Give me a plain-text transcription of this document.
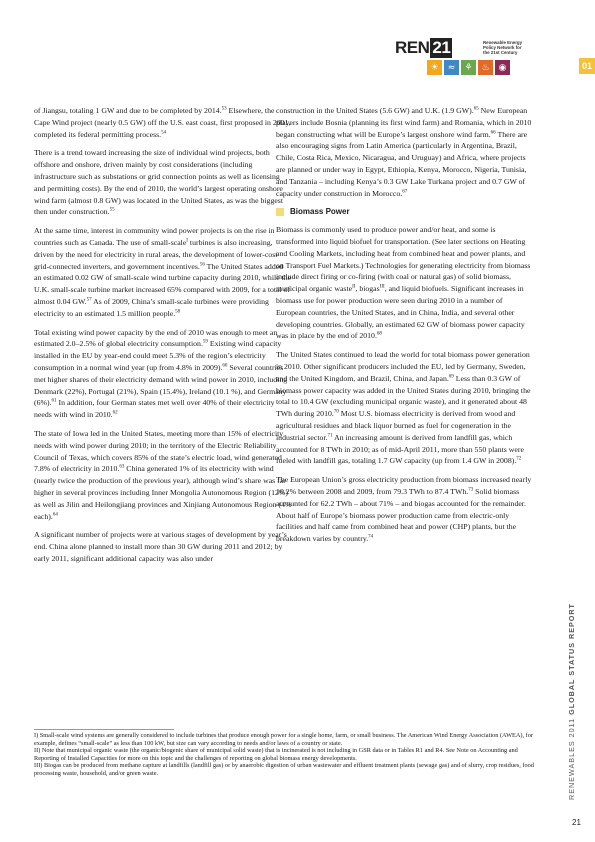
REN 21	Renewable Energy Policy Network for the 21st Century
☀	≈	⚘ ♨	◉	01

of Jiangsu, totaling 1 GW and due to be completed by 2014.53 Elsewhere, the Cape Wind project (nearly 0.5 GW) off the U.S. east coast, first proposed in 2001, completed its federal permitting process.$^{54}$

There is a trend toward increasing the size of individual wind projects, both offshore and onshore, driven mainly by cost considerations (including infrastructure such as substations or grid connection points as well as licensing and permitting costs). By the end of 2010, the world’s largest operating onshore wind farm (almost 0.8 GW) was located in the United States, as was the biggest then under construction.$^{55}$

At the same time, interest in community wind power projects is on the rise in countries such as Canada. The use of small-scale$^I$ turbines is also increasing, driven by the need for electricity in rural areas, the development of lower-cost grid-connected inverters, and government incentives.$^{56}$ The United States added an estimated 0.02 GW of small-scale wind turbine capacity during 2010, while the U.K. small-scale turbine market increased 65% compared with 2009, for a total of almost 0.04 GW.$^{57}$ As of 2009, China’s small-scale turbines were providing electricity to an estimated 1.5 million people.$^{58}$

Total existing wind power capacity by the end of 2010 was enough to meet an estimated 2.0–2.5% of global electricity consumption.$^{59}$ Existing wind capacity installed in the EU by year-end could meet 5.3% of the region’s electricity consumption in a normal wind year (up from 4.8% in 2009).$^{60}$ Several countries met higher shares of their electricity demand with wind power in 2010, including Denmark (22%), Portugal (21%), Spain (15.4%), Ireland (10.1 %), and Germany (6%).$^{61}$ In addition, four German states met well over 40% of their electricity needs with wind in 2010.62

The state of Iowa led in the United States, meeting more than 15% of electricity needs with wind power during 2010; in the territory of the Electric Reliability Council of Texas, which covers 85% of the state’s electric load, wind generated 7.8% of electricity in 2010.63 China generated 1% of its electricity with wind (nearly twice the production of the previous year), although wind’s share was far higher in several provinces including Inner Mongolia Autonomous Region (12%) as well as Jilin and Heilongjiang provinces and Xinjiang Autonomous Region (4% each).$^{64}$

A significant number of projects were at various stages of development by year’s end. China alone planned to install more than 30 GW during 2011 and 2012; by early 2011, significant additional capacity was also under

construction in the United States (5.6 GW) and U.K. (1.9 GW).$^{65}$ New European players include Bosnia (planning its first wind farm) and Romania, which in 2010 began constructing what will be Europe’s largest onshore wind farm.$^{66}$ There are also encouraging signs from Latin America (particularly in Argentina, Brazil, Chile, Costa Rica, Mexico, Nicaragua, and Uruguay) and Africa, where projects are planned or under way in Egypt, Ethiopia, Kenya, Morocco, Nigeria, Tunisia, and Tanzania – including Kenya’s 0.3 GW Lake Turkana project and 0.7 GW of capacity under construction in Morocco.$^{67}$

Biomass Power

Biomass is commonly used to produce power and/or heat, and some is transformed into liquid biofuel for transportation. (See later sections on Heating and Cooling Markets, including heat from combined heat and power plants, and on Transport Fuel Markets.) Technologies for generating electricity from biomass include direct firing or co-firing (with coal or natural gas) of solid biomass, municipal organic waste$^{II}$, biogas$^{III}$, and liquid biofuels. Significant increases in biomass use for power production were seen during 2010 in a number of European countries, the United States, and in China, India, and several other developing countries. Globally, an estimated 62 GW of biomass power capacity was in place by the end of 2010.68

The United States continued to lead the world for total biomass power generation in 2010. Other significant producers included the EU, led by Germany, Sweden, and the United Kingdom, and Brazil, China, and Japan.$^{69}$ Less than 0.3 GW of biomass power capacity was added in the United States during 2010, bringing the total to 10.4 GW (excluding municipal organic waste), and it generated about 48 TWh during 2010.70 Most U.S. biomass electricity is derived from wood and agricultural residues and black liquor burned as fuel for cogeneration in the industrial sector.$^{71}$ An increasing amount is derived from landfill gas, which accounted for 8 TWh in 2010; as of mid-April 2011, more than 550 plants were fueled with landfill gas, totaling 1.7 GW capacity (up from 1.4 GW in 2008).$^{72}$

The European Union’s gross electricity production from biomass increased nearly 10.2% between 2008 and 2009, from 79.3 TWh to 87.4 TWh.$^{73}$ Solid biomass accounted for 62.2 TWh – about 71% – and biogas accounted for the remainder. About half of Europe’s biomass power production came from electric-only facilities and half came from combined heat and power (CHP) plants, but the breakdown varies by country.$^{74}$

I) Small-scale wind systems are generally considered to include turbines that produce enough power for a single home, farm, or small business. The American Wind Energy Association (AWEA), for example, defines “small-scale” as less than 100 kW, but size can vary according to needs and/or laws of a country or state.

II) Note that municipal organic waste (the organic/biogenic share of municipal solid waste) that is incinerated is not including in GSR data or in Tables R1 and R4. See Note on Accounting and Reporting of Installed Capacities for more on this topic and the challenges of reporting on global biomass energy developments.

III) Biogas can be produced from methane capture at landfills (landfill gas) or by anaerobic digestion of urban wastewater and effluent treatment plants (sewage gas) and of slurry, crop residues, food processing waste, household, and/or green waste.	RENEWABLES 2011 GLOBAL STATUS REPORT
21
